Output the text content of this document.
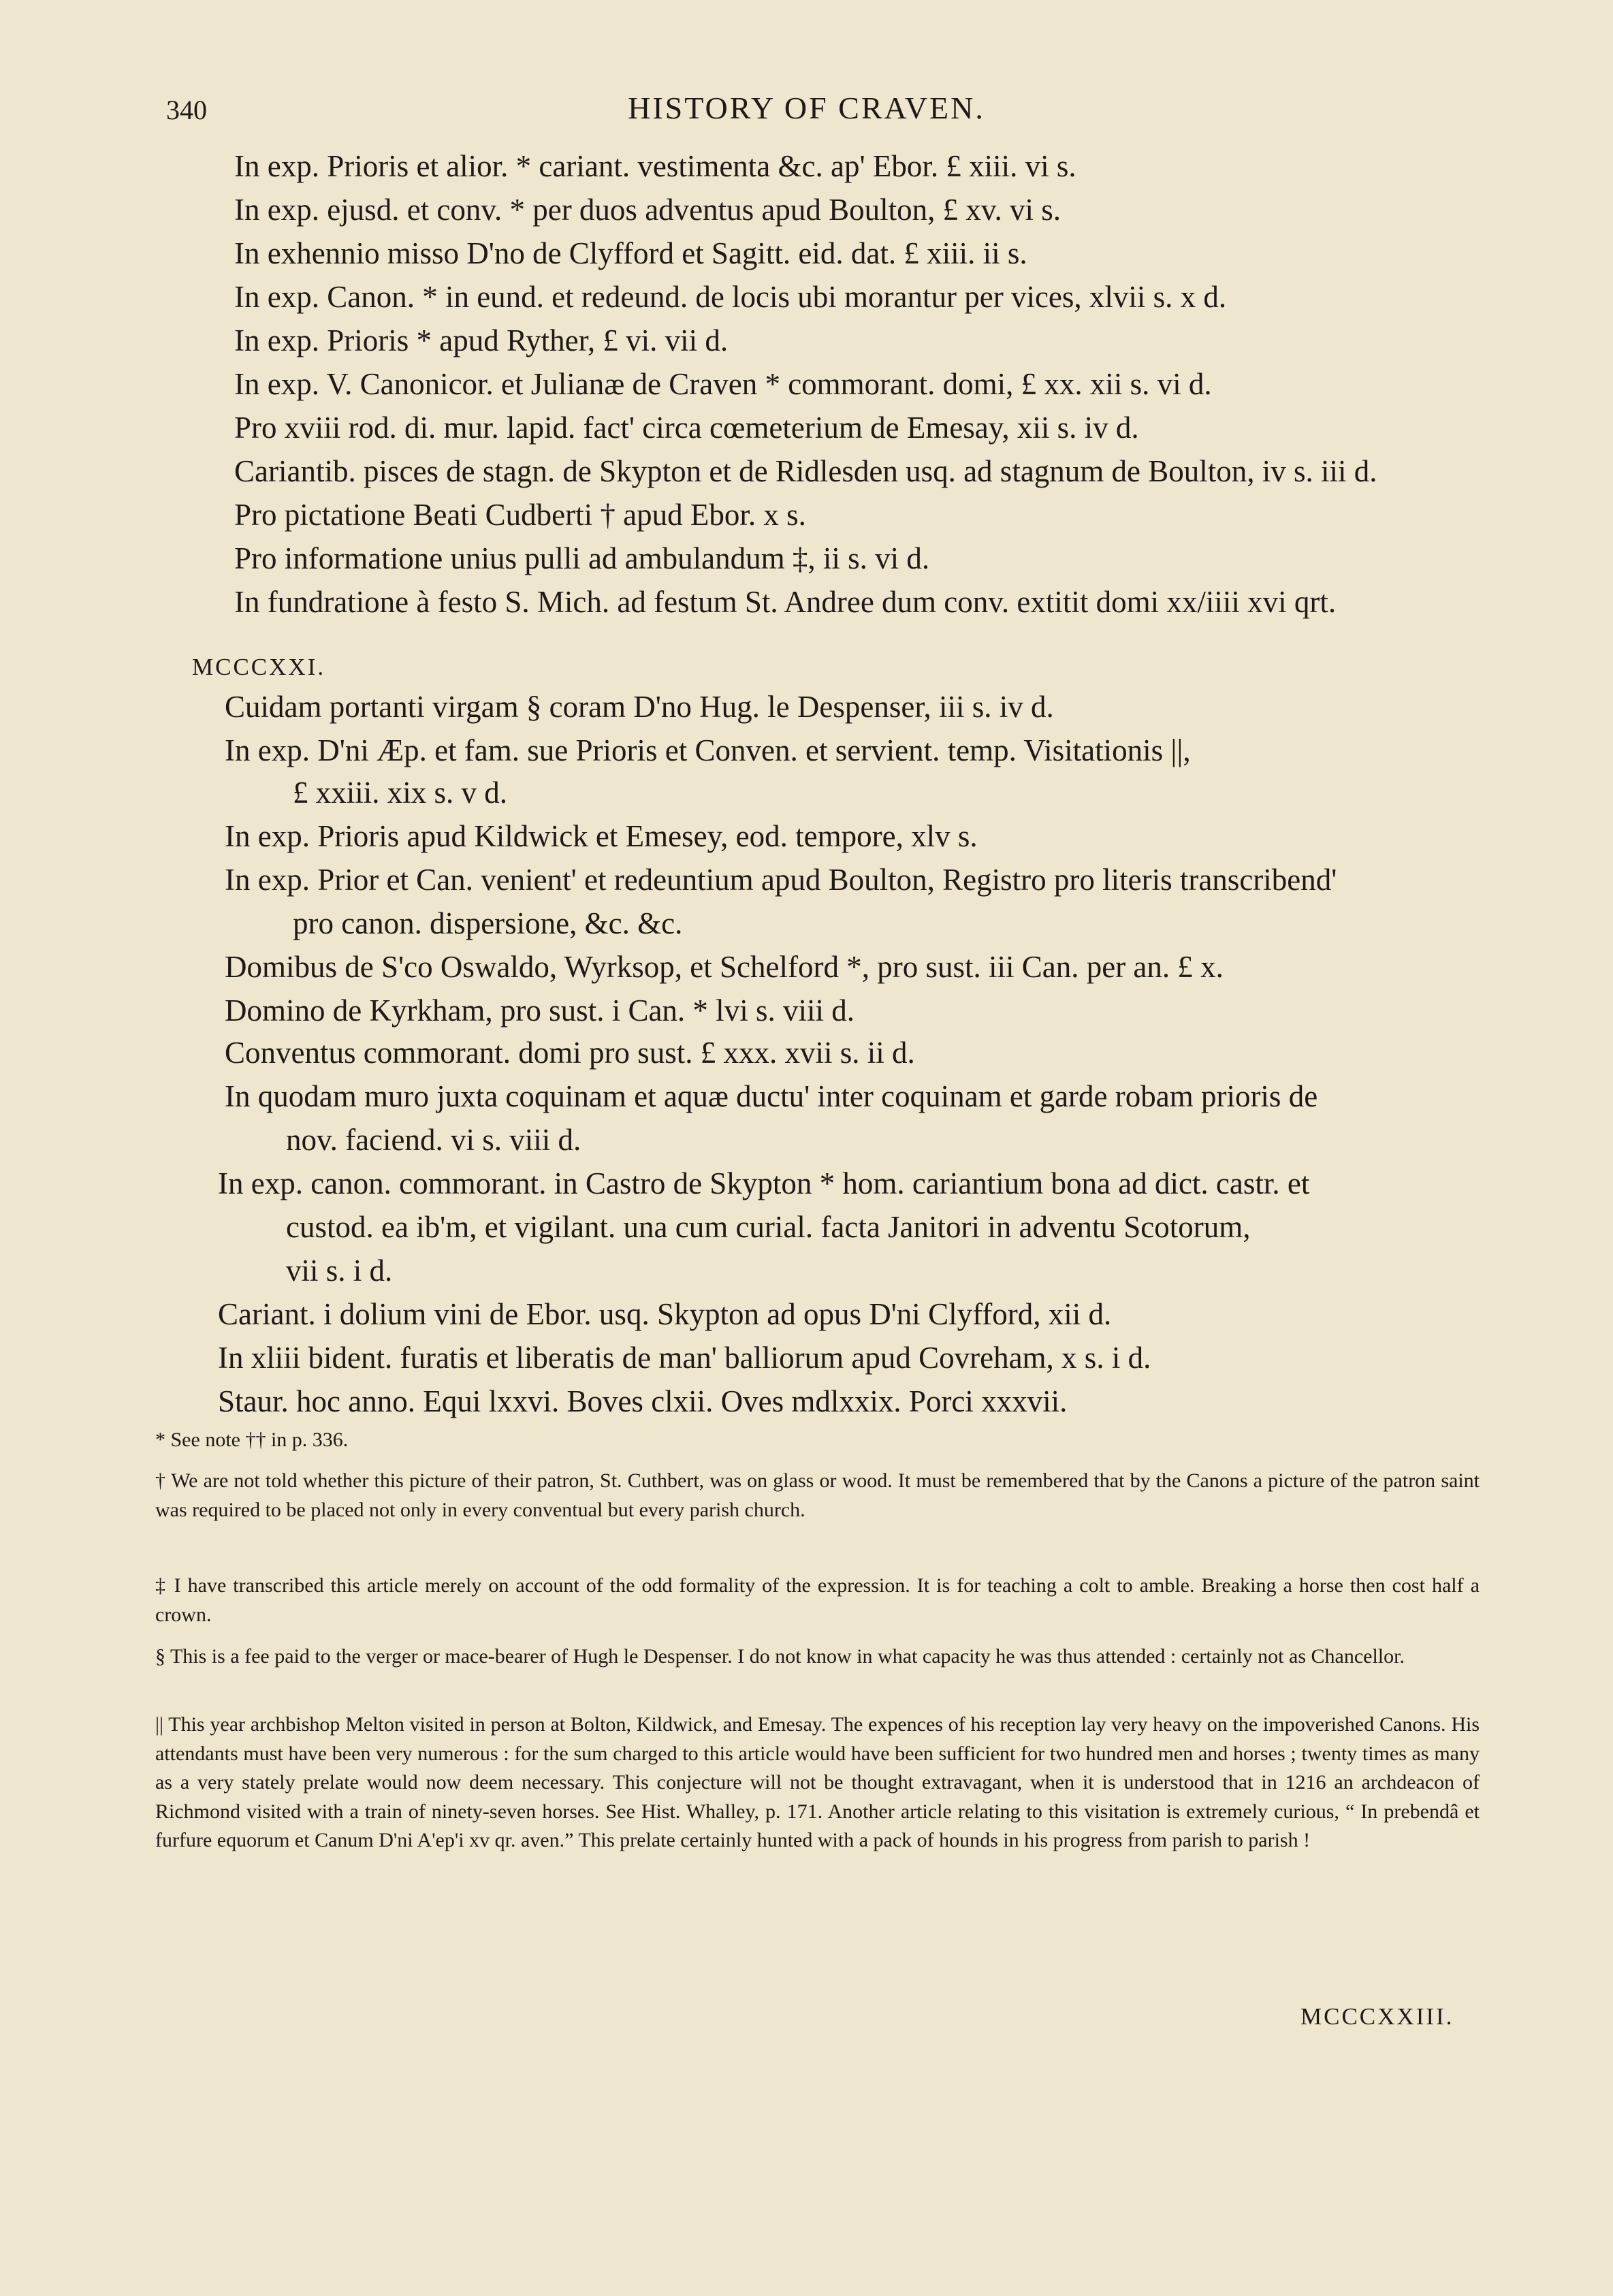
340	HISTORY OF CRAVEN.
In exp. Prioris et alior. * cariant. vestimenta &c. ap' Ebor. £ xiii. vi s.
In exp. ejusd. et conv. * per duos adventus apud Boulton, £ xv. vi s.
In exhennio misso D'no de Clyfford et Sagitt. eid. dat. £ xiii. ii s.
In exp. Canon. * in eund. et redeund. de locis ubi morantur per vices, xlvii s. x d.
In exp. Prioris * apud Ryther, £ vi. vii d.
In exp. V. Canonicor. et Julianæ de Craven * commorant. domi, £ xx. xii s. vi d.
Pro xviii rod. di. mur. lapid. fact' circa cœmeterium de Emesay, xii s. iv d.
Cariantib. pisces de stagn. de Skypton et de Ridlesden usq. ad stagnum de Boulton, iv s. iii d.
Pro pictatione Beati Cudberti † apud Ebor. x s.
Pro informatione unius pulli ad ambulandum ‡, ii s. vi d.
In fundratione à festo S. Mich. ad festum St. Andree dum conv. extitit domi xx/iiii xvi qrt.
MCCCXXI.
Cuidam portanti virgam § coram D'no Hug. le Despenser, iii s. iv d.
In exp. D'ni Æp. et fam. sue Prioris et Conven. et servient. temp. Visitationis ||,
£ xxiii. xix s. v d.
In exp. Prioris apud Kildwick et Emesey, eod. tempore, xlv s.
In exp. Prior et Can. venient' et redeuntium apud Boulton, Registro pro literis transcribend'
pro canon. dispersione, &c. &c.
Domibus de S'co Oswaldo, Wyrksop, et Schelford *, pro sust. iii Can. per an. £ x.
Domino de Kyrkham, pro sust. i Can. * lvi s. viii d.
Conventus commorant. domi pro sust. £ xxx. xvii s. ii d.
In quodam muro juxta coquinam et aquæ ductu' inter coquinam et garde robam prioris de
nov. faciend. vi s. viii d.
In exp. canon. commorant. in Castro de Skypton * hom. cariantium bona ad dict. castr. et
custod. ea ib'm, et vigilant. una cum curial. facta Janitori in adventu Scotorum,
vii s. i d.
Cariant. i dolium vini de Ebor. usq. Skypton ad opus D'ni Clyfford, xii d.
In xliii bident. furatis et liberatis de man' balliorum apud Covreham, x s. i d.
Staur. hoc anno. Equi lxxvi. Boves clxii. Oves mdlxxix. Porci xxxvii.

* See note †† in p. 336.

† We are not told whether this picture of their patron, St. Cuthbert, was on glass or wood. It must be remembered that by the Canons a picture of the patron saint was required to be placed not only in every conventual but every parish church.

‡ I have transcribed this article merely on account of the odd formality of the expression. It is for teaching a colt to amble. Breaking a horse then cost half a crown.

§ This is a fee paid to the verger or mace-bearer of Hugh le Despenser. I do not know in what capacity he was thus attended : certainly not as Chancellor.

|| This year archbishop Melton visited in person at Bolton, Kildwick, and Emesay. The expences of his reception lay very heavy on the impoverished Canons. His attendants must have been very numerous : for the sum charged to this article would have been sufficient for two hundred men and horses ; twenty times as many as a very stately prelate would now deem necessary. This conjecture will not be thought extravagant, when it is understood that in 1216 an archdeacon of Richmond visited with a train of ninety-seven horses. See Hist. Whalley, p. 171. Another article relating to this visitation is extremely curious, “ In prebendâ et furfure equorum et Canum D'ni A'ep'i xv qr. aven.” This prelate certainly hunted with a pack of hounds in his progress from parish to parish !

MCCCXXIII.
